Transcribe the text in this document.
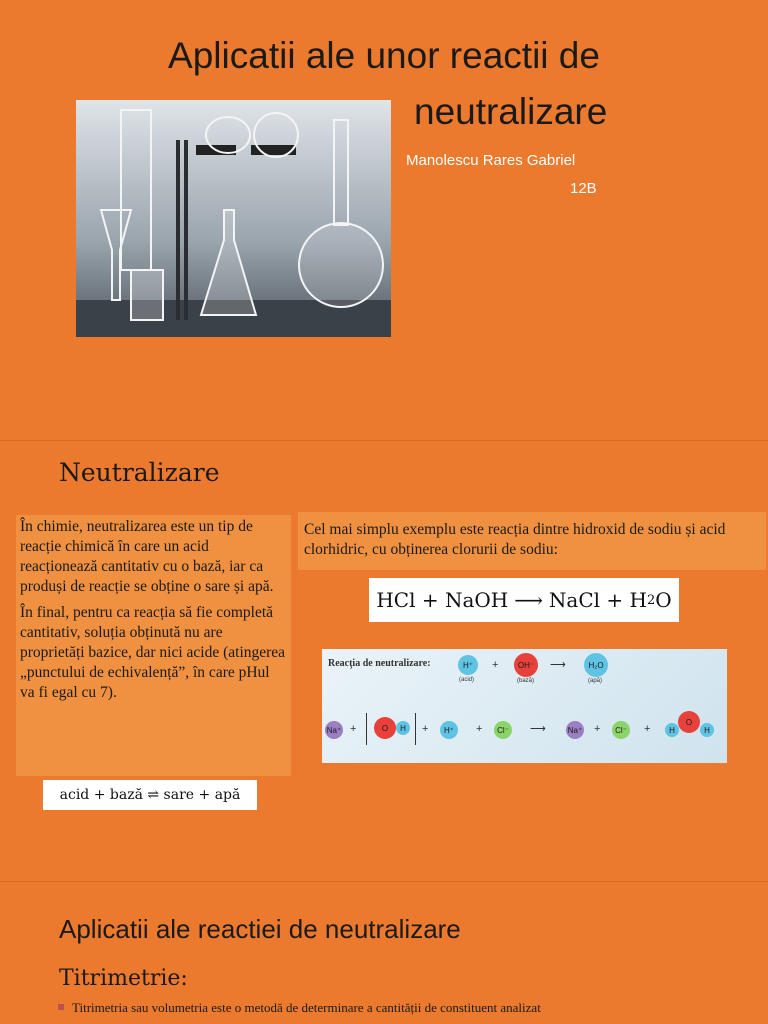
Aplicatii ale unor reactii de
neutralizare
Manolescu Rares Gabriel
12B
Neutralizare

În chimie, neutralizarea este un tip de reacție chimică în care un acid reacționează cantitativ cu o bază, iar ca produși de reacție se obține o sare și apă.

În final, pentru ca reacția să fie completă cantitativ, soluția obținută nu are proprietăți bazice, dar nici acide (atingerea „punctului de echivalență”, în care pHul va fi egal cu 7).

acid + bază ⇌ sare + apă

Cel mai simplu exemplu este reacția dintre hidroxid de sodiu și acid clorhidric, cu obținerea clorurii de sodiu:

HCl + NaOH ⟶ NaCl + H 2 O
Reacţia de neutralizare:	H⁺
(acid)
+	OH⁻
(bază)
⟶	H₂O
(apă)
Na⁺ +	O	H	+	H⁺	+	Cl⁻ ⟶	Na⁺ +	Cl⁻ +	H
O
H
Aplicatii ale reactiei de neutralizare
Titrimetrie:
Titrimetria sau volumetria este o metodă de determinare a cantității de constituent analizat
